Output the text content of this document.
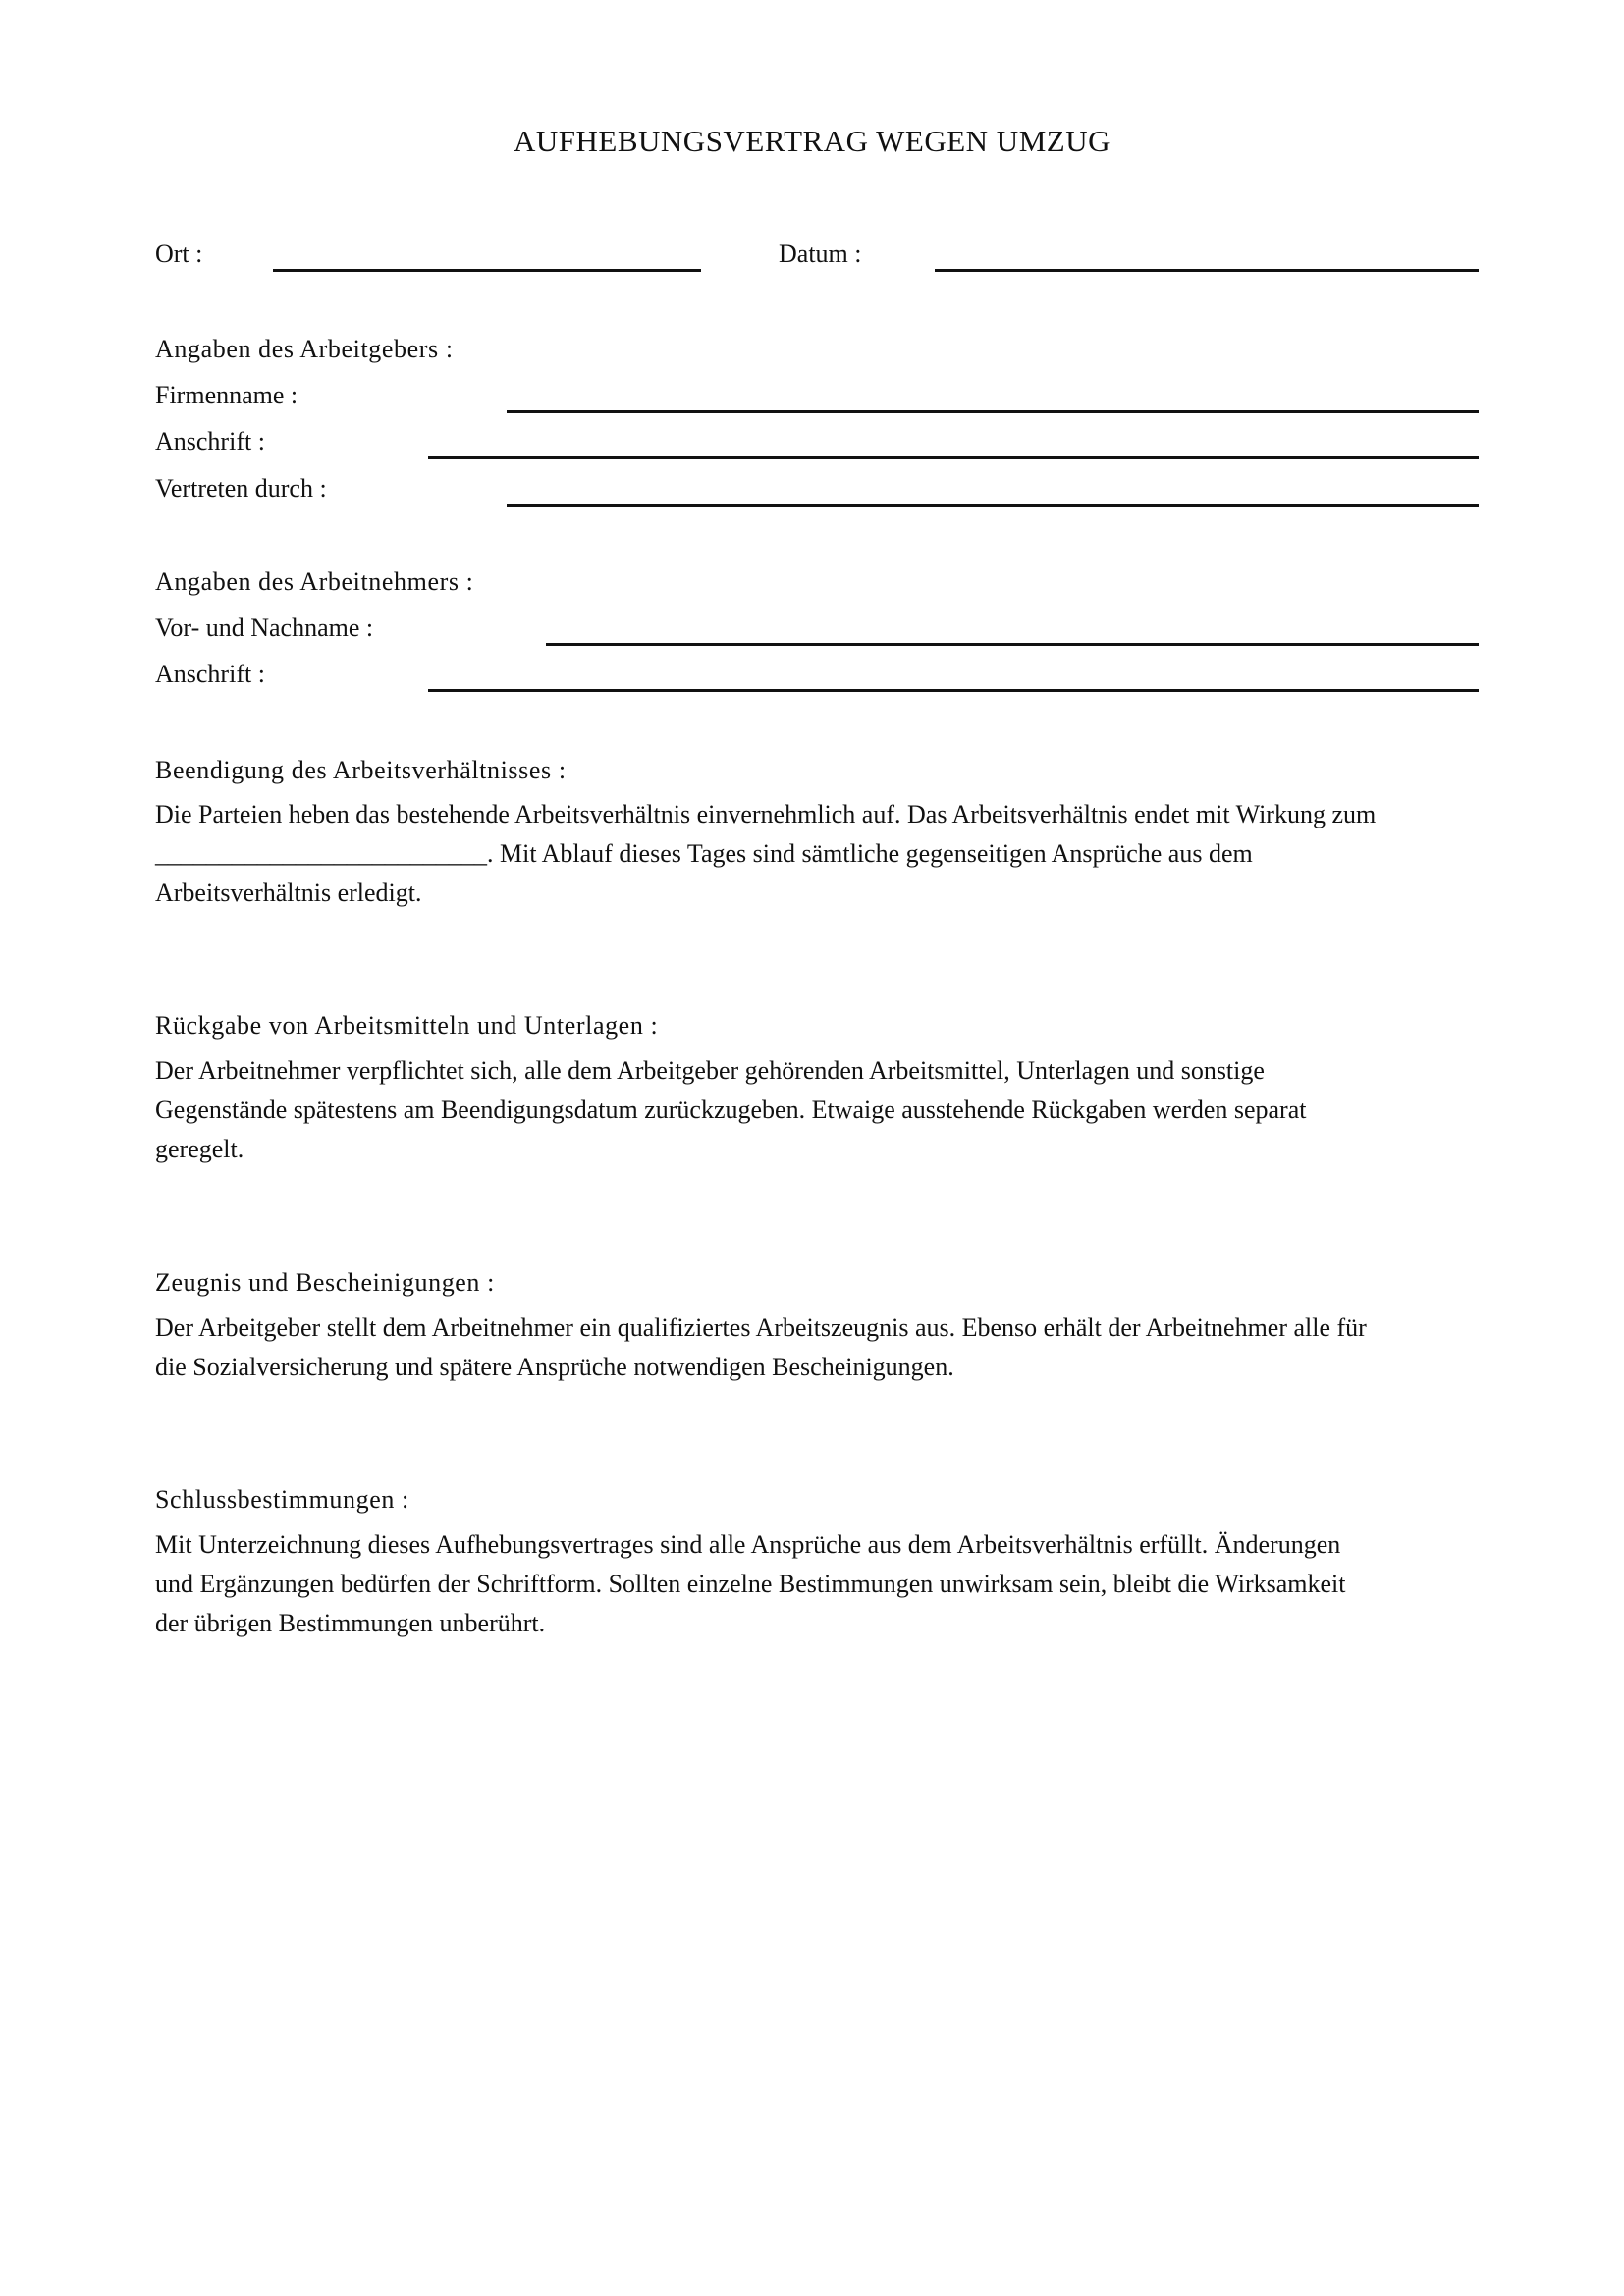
AUFHEBUNGSVERTRAG WEGEN UMZUG
Ort :	Datum :
Angaben des Arbeitgebers :
Firmenname :
Anschrift :
Vertreten durch :
Angaben des Arbeitnehmers :
Vor- und Nachname :
Anschrift :
Beendigung des Arbeitsverhältnisses :

Die Parteien heben das bestehende Arbeitsverhältnis einvernehmlich auf. Das Arbeitsverhältnis endet mit Wirkung zum

__________________________. Mit Ablauf dieses Tages sind sämtliche gegenseitigen Ansprüche aus dem

Arbeitsverhältnis erledigt.

Rückgabe von Arbeitsmitteln und Unterlagen :

Der Arbeitnehmer verpflichtet sich, alle dem Arbeitgeber gehörenden Arbeitsmittel, Unterlagen und sonstige

Gegenstände spätestens am Beendigungsdatum zurückzugeben. Etwaige ausstehende Rückgaben werden separat

geregelt.

Zeugnis und Bescheinigungen :

Der Arbeitgeber stellt dem Arbeitnehmer ein qualifiziertes Arbeitszeugnis aus. Ebenso erhält der Arbeitnehmer alle für

die Sozialversicherung und spätere Ansprüche notwendigen Bescheinigungen.

Schlussbestimmungen :

Mit Unterzeichnung dieses Aufhebungsvertrages sind alle Ansprüche aus dem Arbeitsverhältnis erfüllt. Änderungen

und Ergänzungen bedürfen der Schriftform. Sollten einzelne Bestimmungen unwirksam sein, bleibt die Wirksamkeit

der übrigen Bestimmungen unberührt.
